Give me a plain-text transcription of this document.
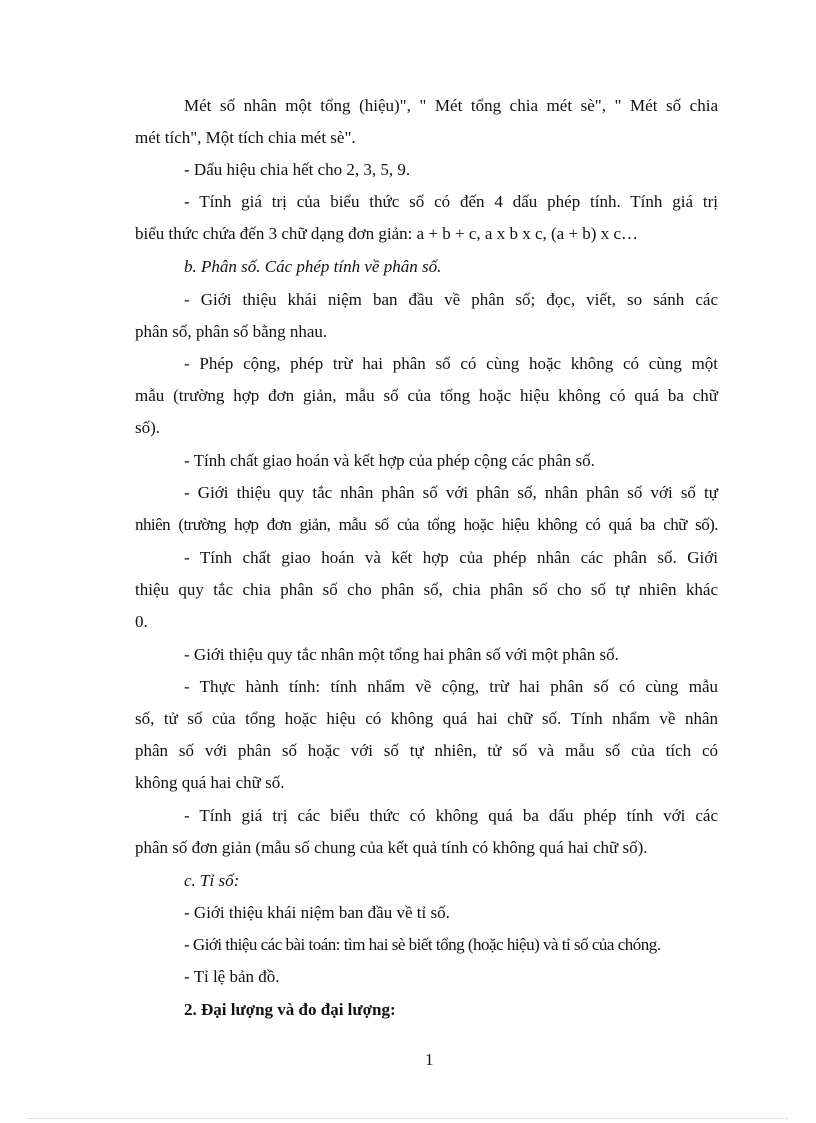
Mét số nhân một tổng (hiệu)", " Mét tổng chia mét sè", " Mét số chia
mét tích", Một tích chia mét sè".
- Dấu hiệu chia hết cho 2, 3, 5, 9.
- Tính giá trị của biểu thức số có đến 4 dấu phép tính. Tính giá trị
biểu thức chứa đến 3 chữ dạng đơn giản: a + b + c, a x b x c, (a + b) x c…
b. Phân số. Các phép tính về phân số.
- Giới thiệu khái niệm ban đầu về phân số; đọc, viết, so sánh các
phân số, phân số bằng nhau.
- Phép cộng, phép trừ hai phân số có cùng hoặc không có cùng một
mẫu (trường hợp đơn giản, mẫu số của tổng hoặc hiệu không có quá ba chữ
số).
- Tính chất giao hoán và kết hợp của phép cộng các phân số.
- Giới thiệu quy tắc nhân phân số với phân số, nhân phân số với số tự
nhiên (trường hợp đơn giản, mẫu số của tổng hoặc hiệu không có quá ba chữ số).
- Tính chất giao hoán và kết hợp của phép nhân các phân số. Giới
thiệu quy tắc chia phân số cho phân số, chia phân số cho số tự nhiên khác
0.
- Giới thiệu quy tắc nhân một tổng hai phân số với một phân số.
- Thực hành tính: tính nhẩm về cộng, trừ hai phân số có cùng mẫu
số, tử số của tổng hoặc hiệu có không quá hai chữ số. Tính nhẩm về nhân
phân số với phân số hoặc với số tự nhiên, tử số và mẫu số của tích có
không quá hai chữ số.
- Tính giá trị các biểu thức có không quá ba dấu phép tính với các
phân số đơn giản (mẫu số chung của kết quả tính có không quá hai chữ số).
c. Tỉ số:
- Giới thiệu khái niệm ban đầu về tỉ số.
- Giới thiệu các bài toán: tìm hai sè biết tổng (hoặc hiệu) và tỉ số của chóng.
- Tỉ lệ bản đồ.
2. Đại lượng và đo đại lượng:
1
